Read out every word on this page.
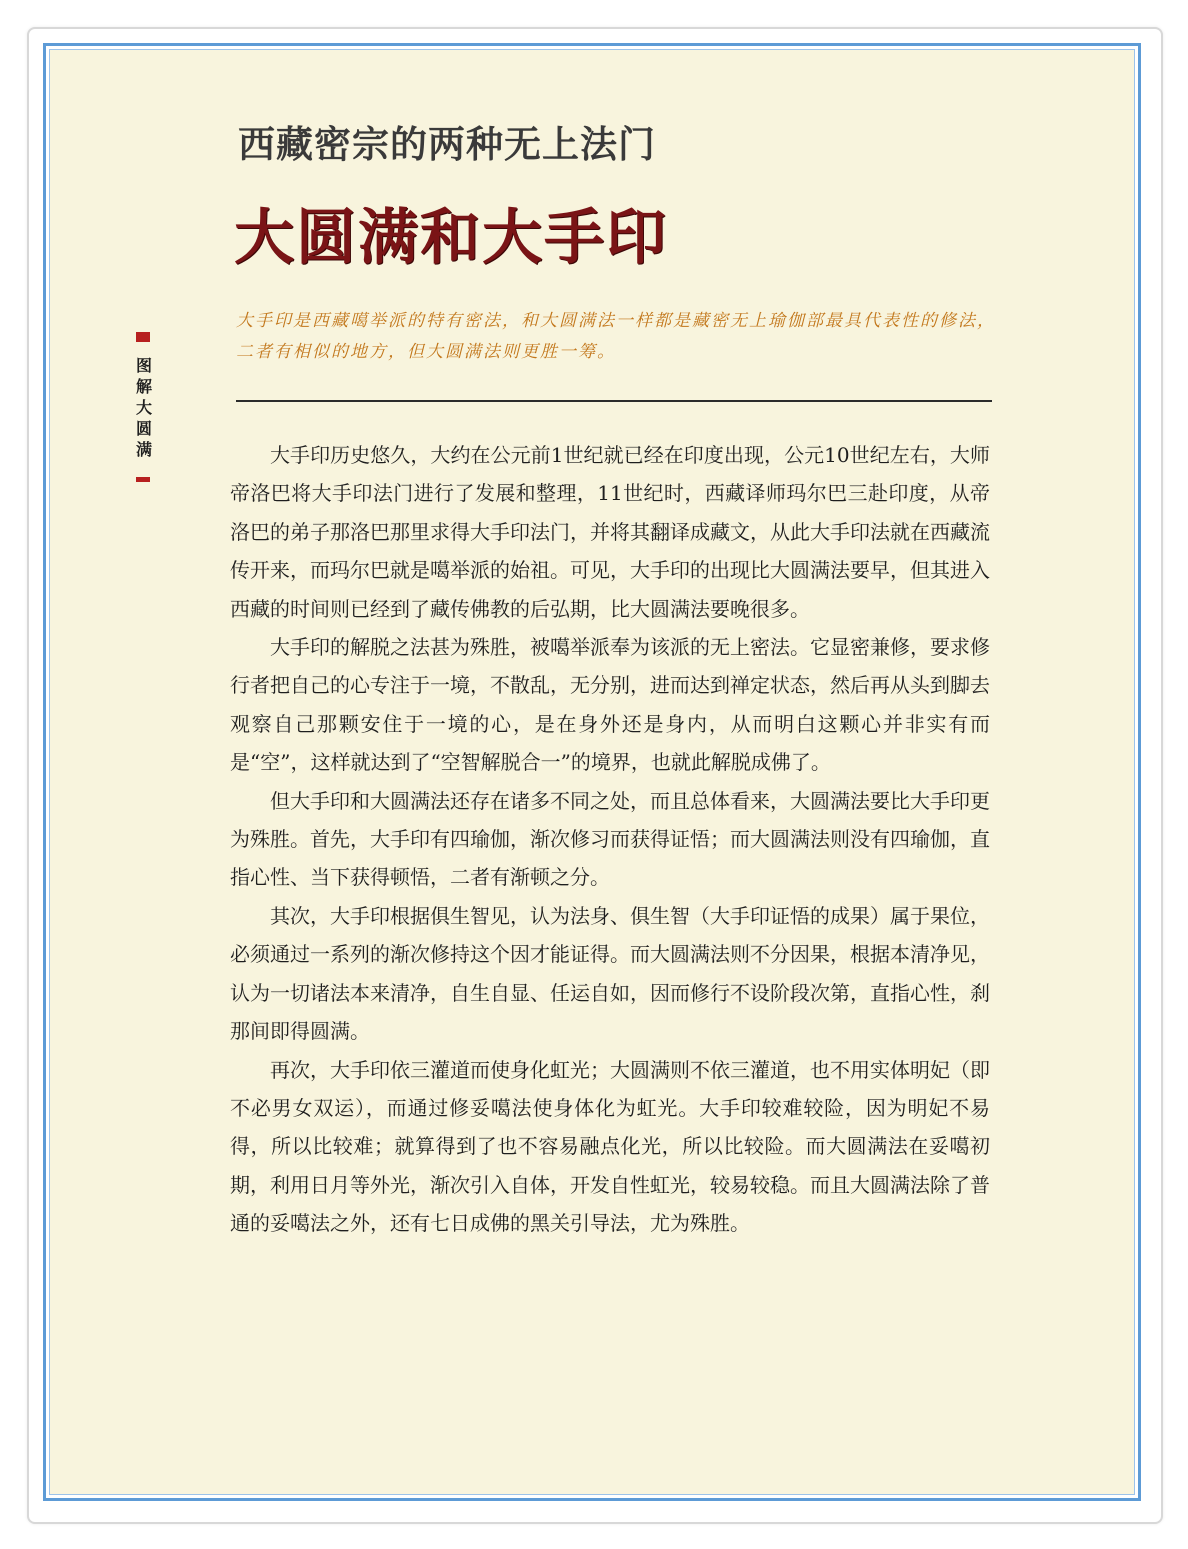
西藏密宗的两种无上法门
大圆满和大手印

大手印是西藏噶举派的特有密法，和大圆满法一样都是藏密无上瑜伽部最具代表性的修法，二者有相似的地方，但大圆满法则更胜一筹。

图解大圆满	大手印历史悠久，大约在公元前1世纪就已经在印度出现，公元10世纪左右，大师帝洛巴将大手印法门进行了发展和整理，11世纪时，西藏译师玛尔巴三赴印度，从帝洛巴的弟子那洛巴那里求得大手印法门，并将其翻译成藏文，从此大手印法就在西藏流传开来，而玛尔巴就是噶举派的始祖。可见，大手印的出现比大圆满法要早，但其进入西藏的时间则已经到了藏传佛教的后弘期，比大圆满法要晚很多。

大手印的解脱之法甚为殊胜，被噶举派奉为该派的无上密法。它显密兼修，要求修行者把自己的心专注于一境，不散乱，无分别，进而达到禅定状态，然后再从头到脚去观察自己那颗安住于一境的心，是在身外还是身内，从而明白这颗心并非实有而是“空”，这样就达到了“空智解脱合一”的境界，也就此解脱成佛了。

但大手印和大圆满法还存在诸多不同之处，而且总体看来，大圆满法要比大手印更为殊胜。首先，大手印有四瑜伽，渐次修习而获得证悟；而大圆满法则没有四瑜伽，直指心性、当下获得顿悟，二者有渐顿之分。

其次，大手印根据俱生智见，认为法身、俱生智（大手印证悟的成果）属于果位，必须通过一系列的渐次修持这个因才能证得。而大圆满法则不分因果，根据本清净见，认为一切诸法本来清净，自生自显、任运自如，因而修行不设阶段次第，直指心性，刹那间即得圆满。

再次，大手印依三灌道而使身化虹光；大圆满则不依三灌道，也不用实体明妃（即不必男女双运），而通过修妥噶法使身体化为虹光。大手印较难较险，因为明妃不易得，所以比较难；就算得到了也不容易融点化光，所以比较险。而大圆满法在妥噶初期，利用日月等外光，渐次引入自体，开发自性虹光，较易较稳。而且大圆满法除了普通的妥噶法之外，还有七日成佛的黑关引导法，尤为殊胜。
